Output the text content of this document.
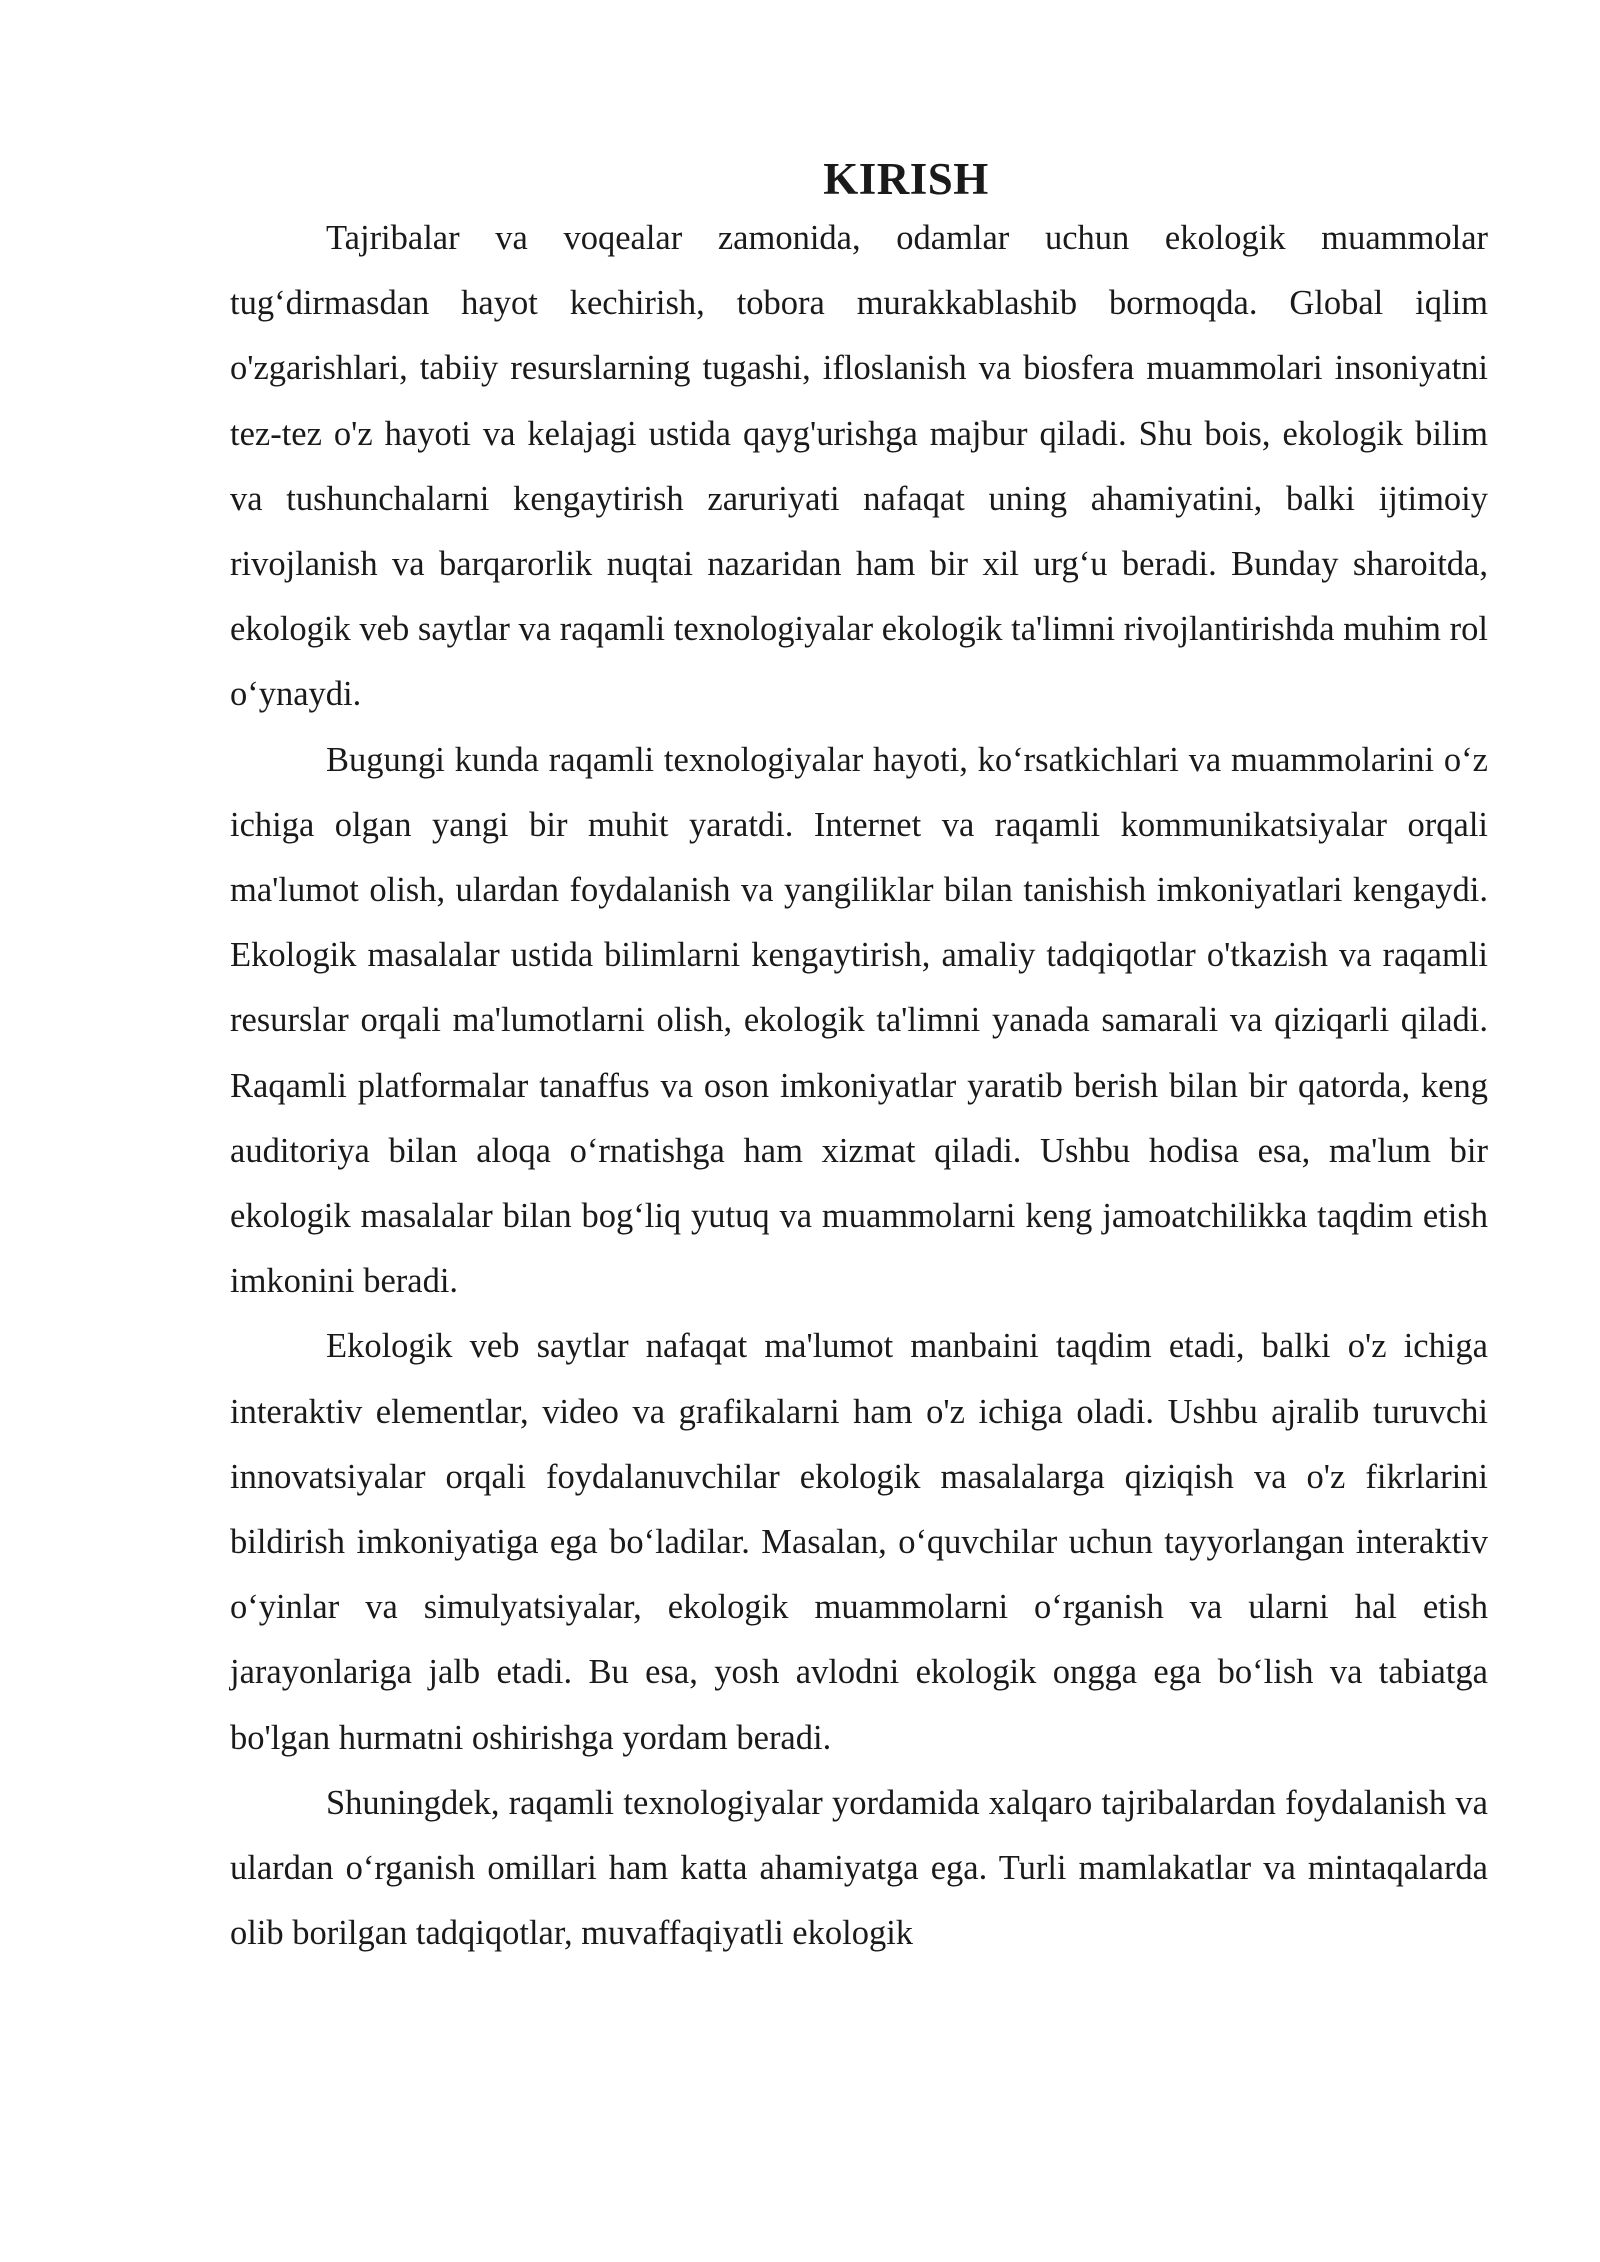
KIRISH

Tajribalar va voqealar zamonida, odamlar uchun ekologik muammolar tug‘dirmasdan hayot kechirish, tobora murakkablashib bormoqda. Global iqlim o'zgarishlari, tabiiy resurslarning tugashi, ifloslanish va biosfera muammolari insoniyatni tez-tez o'z hayoti va kelajagi ustida qayg'urishga majbur qiladi. Shu bois, ekologik bilim va tushunchalarni kengaytirish zaruriyati nafaqat uning ahamiyatini, balki ijtimoiy rivojlanish va barqarorlik nuqtai nazaridan ham bir xil urg‘u beradi. Bunday sharoitda, ekologik veb saytlar va raqamli texnologiyalar ekologik ta'limni rivojlantirishda muhim rol o‘ynaydi.

Bugungi kunda raqamli texnologiyalar hayoti, ko‘rsatkichlari va muammolarini o‘z ichiga olgan yangi bir muhit yaratdi. Internet va raqamli kommunikatsiyalar orqali ma'lumot olish, ulardan foydalanish va yangiliklar bilan tanishish imkoniyatlari kengaydi. Ekologik masalalar ustida bilimlarni kengaytirish, amaliy tadqiqotlar o'tkazish va raqamli resurslar orqali ma'lumotlarni olish, ekologik ta'limni yanada samarali va qiziqarli qiladi. Raqamli platformalar tanaffus va oson imkoniyatlar yaratib berish bilan bir qatorda, keng auditoriya bilan aloqa o‘rnatishga ham xizmat qiladi. Ushbu hodisa esa, ma'lum bir ekologik masalalar bilan bog‘liq yutuq va muammolarni keng jamoatchilikka taqdim etish imkonini beradi.

Ekologik veb saytlar nafaqat ma'lumot manbaini taqdim etadi, balki o'z ichiga interaktiv elementlar, video va grafikalarni ham o'z ichiga oladi. Ushbu ajralib turuvchi innovatsiyalar orqali foydalanuvchilar ekologik masalalarga qiziqish va o'z fikrlarini bildirish imkoniyatiga ega bo‘ladilar. Masalan, o‘quvchilar uchun tayyorlangan interaktiv o‘yinlar va simulyatsiyalar, ekologik muammolarni o‘rganish va ularni hal etish jarayonlariga jalb etadi. Bu esa, yosh avlodni ekologik ongga ega bo‘lish va tabiatga bo'lgan hurmatni oshirishga yordam beradi.

Shuningdek, raqamli texnologiyalar yordamida xalqaro tajribalardan foydalanish va ulardan o‘rganish omillari ham katta ahamiyatga ega. Turli mamlakatlar va mintaqalarda olib borilgan tadqiqotlar, muvaffaqiyatli ekologik
